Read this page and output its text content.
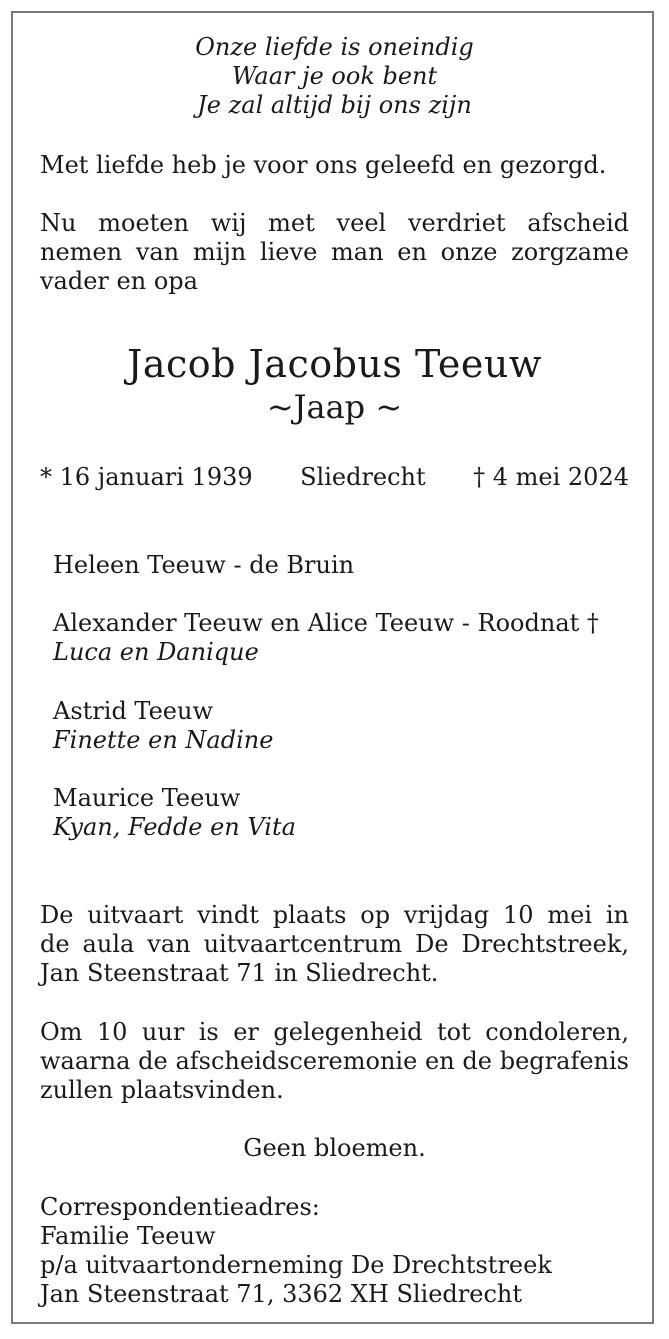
Onze liefde is oneindig
Waar je ook bent
Je zal altijd bij ons zijn
Met liefde heb je voor ons geleefd en gezorgd.
Nu moeten wij met veel verdriet afscheid
nemen van mijn lieve man en onze zorgzame
vader en opa
Jacob Jacobus Teeuw
~Jaap ~
* 16 januari 1939 Sliedrecht † 4 mei 2024
Heleen Teeuw - de Bruin
Alexander Teeuw en Alice Teeuw - Roodnat †
Luca en Danique
Astrid Teeuw
Finette en Nadine
Maurice Teeuw
Kyan, Fedde en Vita
De uitvaart vindt plaats op vrijdag 10 mei in
de aula van uitvaartcentrum De Drechtstreek,
Jan Steenstraat 71 in Sliedrecht.
Om 10 uur is er gelegenheid tot condoleren,
waarna de afscheidsceremonie en de begrafenis
zullen plaatsvinden.
Geen bloemen.
Correspondentieadres:
Familie Teeuw
p/a uitvaartonderneming De Drechtstreek
Jan Steenstraat 71, 3362 XH Sliedrecht
